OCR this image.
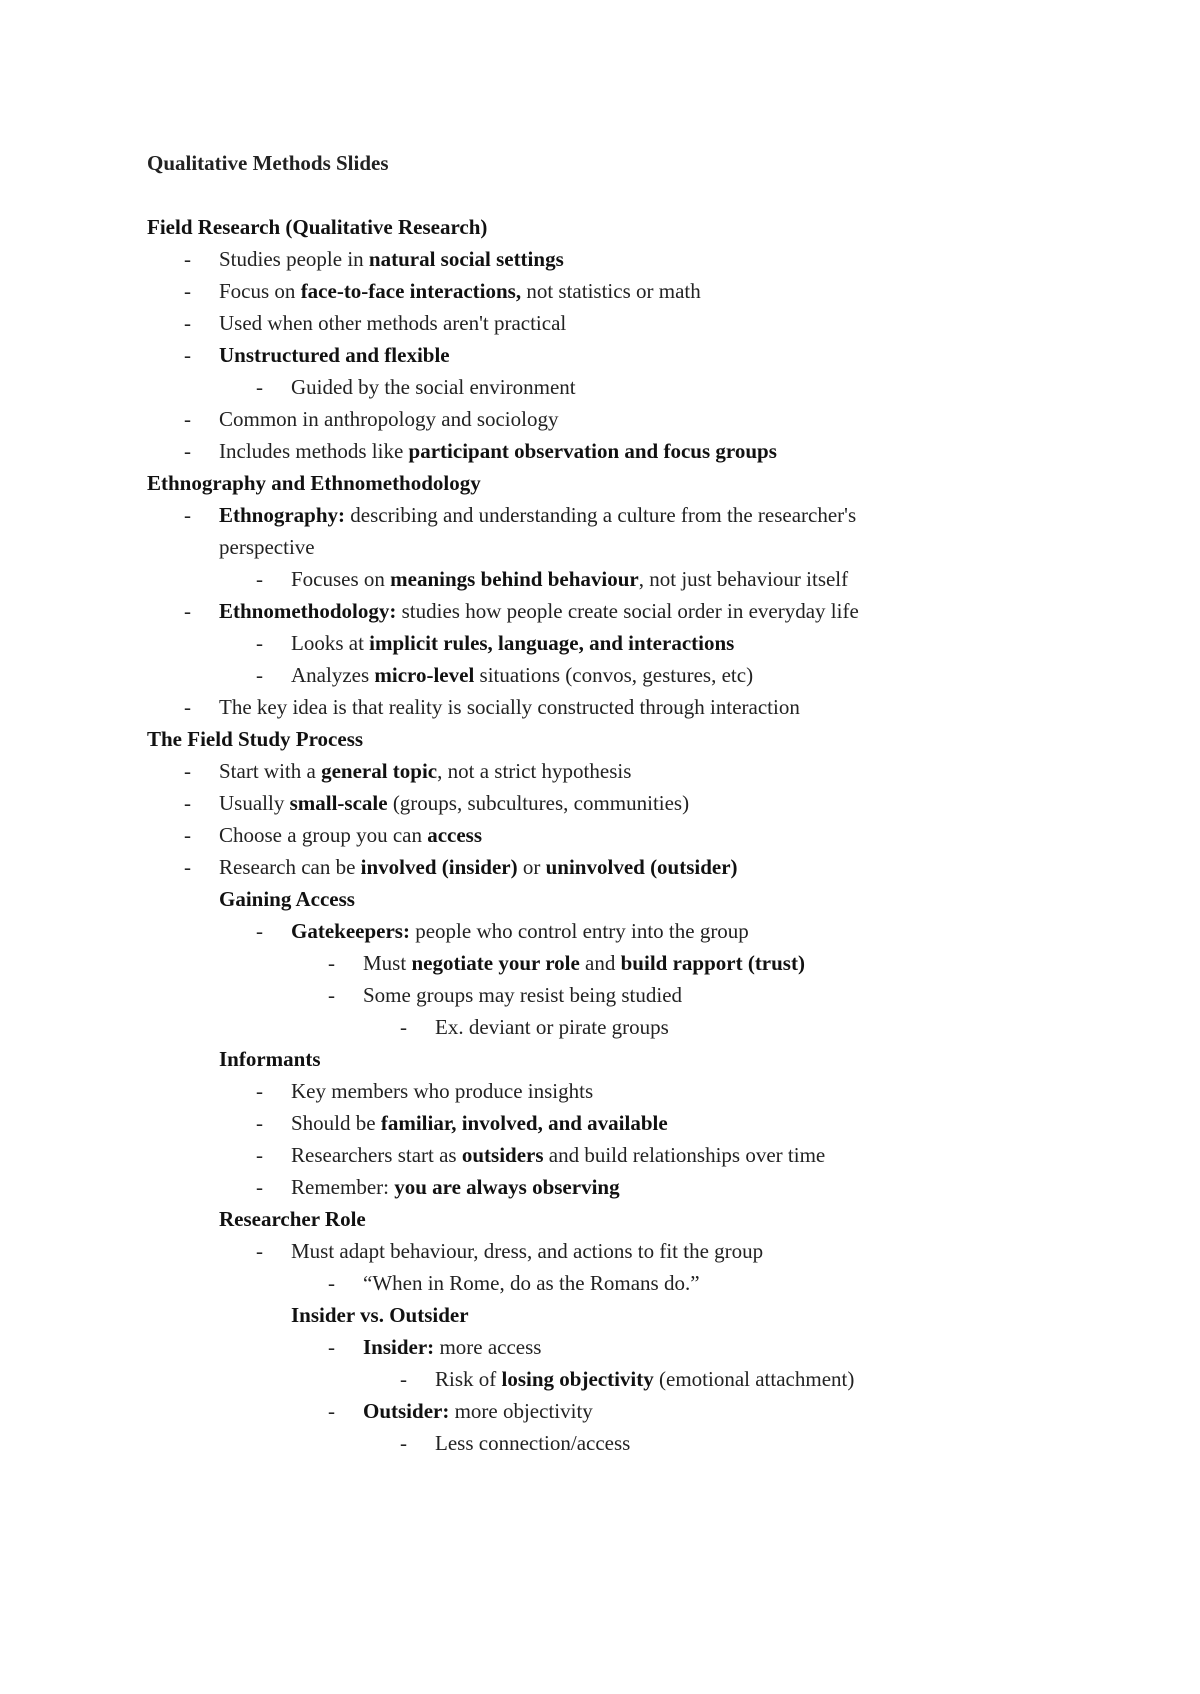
Qualitative Methods Slides

Field Research (Qualitative Research)
-	Studies people in natural social settings
-	Focus on face-to-face interactions, not statistics or math
-	Used when other methods aren't practical
-	Unstructured and flexible
-	Guided by the social environment
-	Common in anthropology and sociology
-	Includes methods like participant observation and focus groups
Ethnography and Ethnomethodology
-	Ethnography: describing and understanding a culture from the researcher's
perspective
-	Focuses on meanings behind behaviour, not just behaviour itself
-	Ethnomethodology: studies how people create social order in everyday life
-	Looks at implicit rules, language, and interactions
-	Analyzes micro-level situations (convos, gestures, etc)
-	The key idea is that reality is socially constructed through interaction
The Field Study Process
-	Start with a general topic, not a strict hypothesis
-	Usually small-scale (groups, subcultures, communities)
-	Choose a group you can access
-	Research can be involved (insider) or uninvolved (outsider)
Gaining Access
-	Gatekeepers: people who control entry into the group
-	Must negotiate your role and build rapport (trust)
-	Some groups may resist being studied
-	Ex. deviant or pirate groups
Informants
-	Key members who produce insights
-	Should be familiar, involved, and available
-	Researchers start as outsiders and build relationships over time
-	Remember: you are always observing
Researcher Role
-	Must adapt behaviour, dress, and actions to fit the group
-	“When in Rome, do as the Romans do.”
Insider vs. Outsider
-	Insider: more access
-	Risk of losing objectivity (emotional attachment)
-	Outsider: more objectivity
-	Less connection/access
